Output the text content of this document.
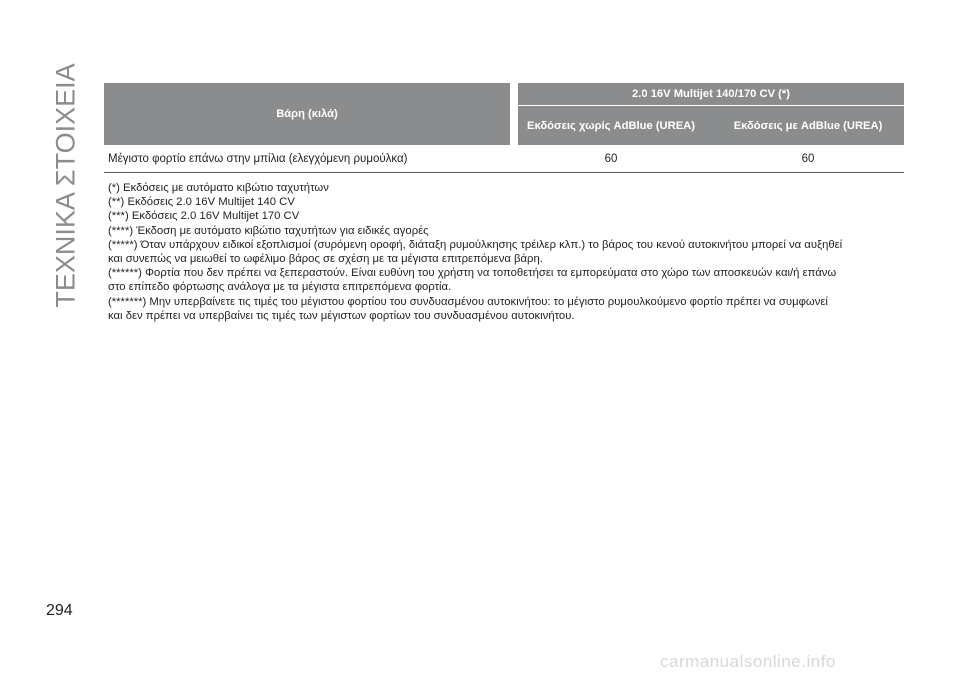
ΤΕΧΝΙΚΑ ΣΤΟΙΧΕΙΑ	Βάρη (κιλά)		2.0 16V Multijet 140/170 CV (*)		
		Εκδόσεις χωρίς AdBlue (UREA)		Εκδόσεις με AdBlue (UREA)
Μέγιστο φορτίο επάνω στην μπίλια (ελεγχόμενη ρυμούλκα)		60		60
(*) Εκδόσεις με αυτόματο κιβώτιο ταχυτήτων
(**) Εκδόσεις 2.0 16V Multijet 140 CV
(***) Εκδόσεις 2.0 16V Multijet 170 CV
(****) Έκδοση με αυτόματο κιβώτιο ταχυτήτων για ειδικές αγορές
(*****) Όταν υπάρχουν ειδικοί εξοπλισμοί (συρόμενη οροφή, διάταξη ρυμούλκησης τρέιλερ κλπ.) το βάρος του κενού αυτοκινήτου μπορεί να αυξηθεί
και συνεπώς να μειωθεί το ωφέλιμο βάρος σε σχέση με τα μέγιστα επιτρεπόμενα βάρη.
(******) Φορτία που δεν πρέπει να ξεπεραστούν. Είναι ευθύνη του χρήστη να τοποθετήσει τα εμπορεύματα στο χώρο των αποσκευών και/ή επάνω
στο επίπεδο φόρτωσης ανάλογα με τα μέγιστα επιτρεπόμενα φορτία.
(*******) Μην υπερβαίνετε τις τιμές του μέγιστου φορτίου του συνδυασμένου αυτοκινήτου: το μέγιστο ρυμουλκούμενο φορτίο πρέπει να συμφωνεί
και δεν πρέπει να υπερβαίνει τις τιμές των μέγιστων φορτίων του συνδυασμένου αυτοκινήτου.
294
carmanualsonline.info
